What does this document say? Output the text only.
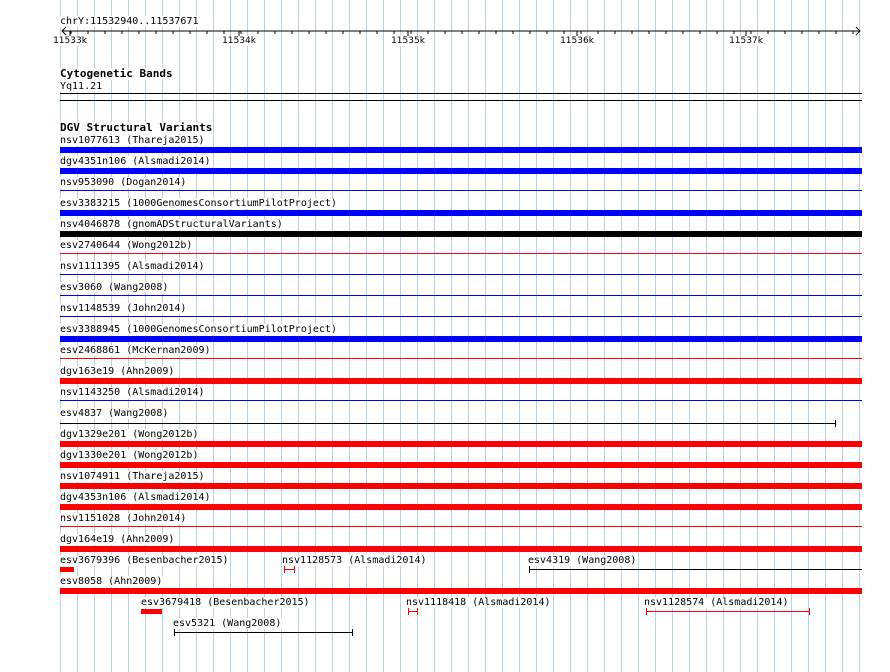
chrY:11532940..11537671
11533k	11534k	11535k	11536k	11537k
Cytogenetic Bands
Yq11.21
DGV Structural Variants
nsv1077613 (Thareja2015)
dgv4351n106 (Alsmadi2014)
nsv953090 (Dogan2014)
esv3383215 (1000GenomesConsortiumPilotProject)
nsv4046878 (gnomADStructuralVariants)
esv2740644 (Wong2012b)
nsv1111395 (Alsmadi2014)
esv3060 (Wang2008)
nsv1148539 (John2014)
esv3388945 (1000GenomesConsortiumPilotProject)
esv2468861 (McKernan2009)
dgv163e19 (Ahn2009)
nsv1143250 (Alsmadi2014)
esv4837 (Wang2008)
dgv1329e201 (Wong2012b)
dgv1330e201 (Wong2012b)
nsv1074911 (Thareja2015)
dgv4353n106 (Alsmadi2014)
nsv1151028 (John2014)
dgv164e19 (Ahn2009)
esv3679396 (Besenbacher2015)	nsv1128573 (Alsmadi2014)	esv4319 (Wang2008)
esv8058 (Ahn2009)
esv3679418 (Besenbacher2015)	nsv1118418 (Alsmadi2014)	nsv1128574 (Alsmadi2014)
esv5321 (Wang2008)
